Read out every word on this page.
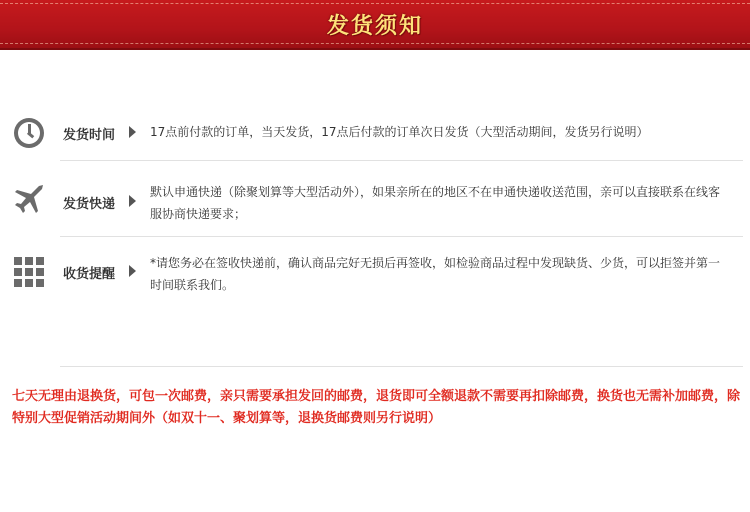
发货须知
发货时间	17点前付款的订单，当天发货，17点后付款的订单次日发货（大型活动期间，发货另行说明）
发货快递
默认申通快递（除聚划算等大型活动外），如果亲所在的地区不在申通快递收送范围，亲可以直接联系在线客服协商快递要求；
收货提醒
*请您务必在签收快递前，确认商品完好无损后再签收，如检验商品过程中发现缺货、少货，可以拒签并第一时间联系我们。
七天无理由退换货，可包一次邮费，亲只需要承担发回的邮费，退货即可全额退款不需要再扣除邮费，换货也无需补加邮费，除特别大型促销活动期间外（如双十一、聚划算等，退换货邮费则另行说明）
